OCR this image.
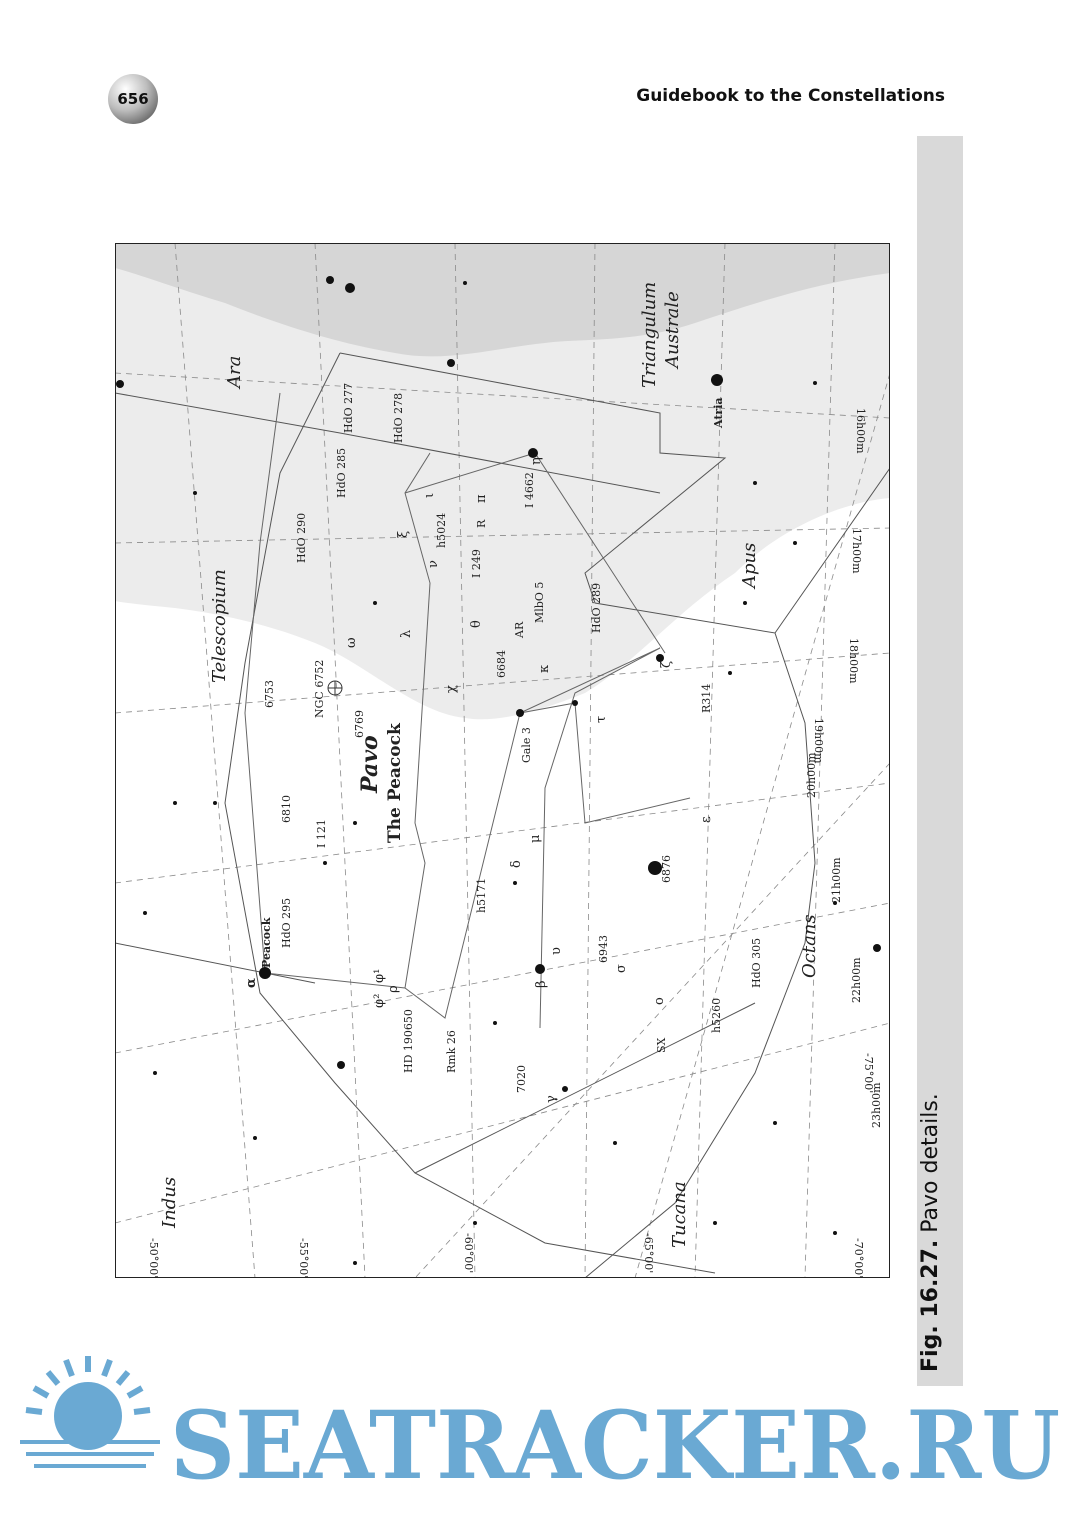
656	Guidebook to the Constellations
Fig. 16.27. Pavo details.
Pavo The Peacock
Ara	Triangulum Australe
Apus
Telescopium
Indus	Tucana
Octans
16h00m
17h00m
18h00m
19h00m
20h00m
21h00m
22h00m
23h00m
-50°00'	-55°00'	-60°00'	-65°00'	-70°00'
-75°00'
α
Peacock
β
γ
δ
ε
ζ
η
θ
ι
κ
λ
μ
ν
ξ
ο
π
ρ
σ
τ
υ
φ¹
φ²
χ
ω
Atria
HdO 277	HdO 278
HdO 285
HdO 290
HdO 289
HdO 295
HdO 305
h5024
h5171
h5260
I 249
I 121
I 4662
R
AR
MlbO 5
6684
6753
6769
NGC 6752
6810
6876
6943
7020
Gale 3
R314
Rmk 26
HD 190650	SX
SEATRACKER.RU
